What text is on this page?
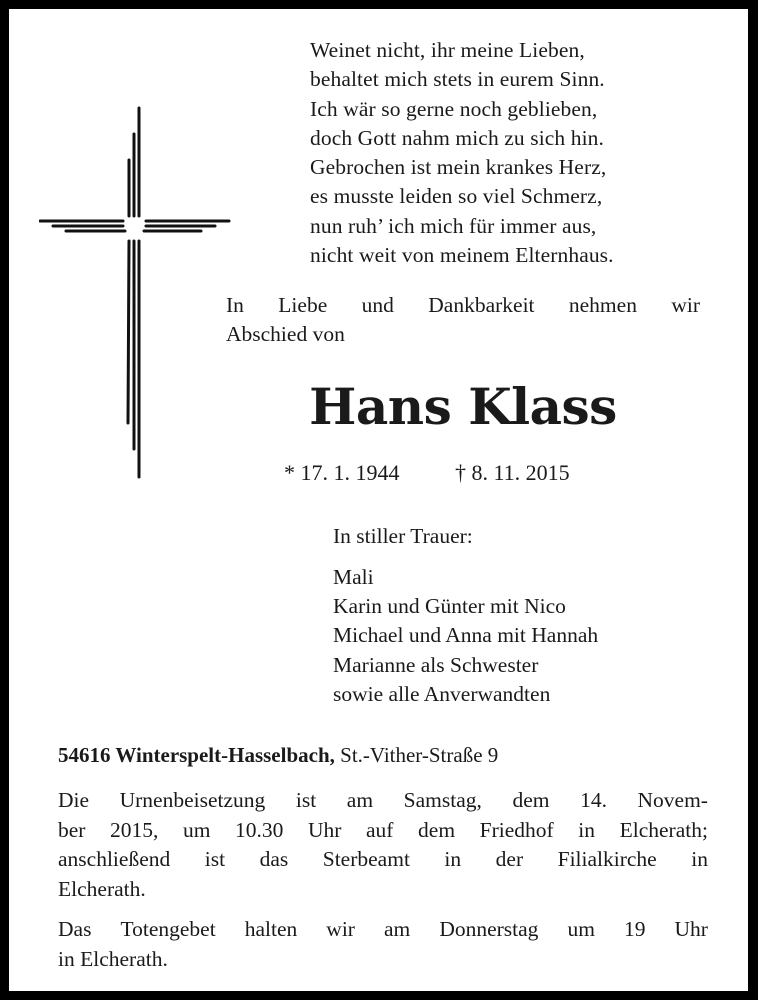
Weinet nicht, ihr meine Lieben,
behaltet mich stets in eurem Sinn.
Ich wär so gerne noch geblieben,
doch Gott nahm mich zu sich hin.
Gebrochen ist mein krankes Herz,
es musste leiden so viel Schmerz,
nun ruh’ ich mich für immer aus,
nicht weit von meinem Elternhaus.
In Liebe und Dankbarkeit nehmen wir
Abschied von
Hans Klass
* 17. 1. 1944	† 8. 11. 2015
In stiller Trauer:
Mali
Karin und Günter mit Nico
Michael und Anna mit Hannah
Marianne als Schwester
sowie alle Anverwandten
54616 Winterspelt-Hasselbach, St.-Vither-Straße 9
Die Urnenbeisetzung ist am Samstag, dem 14. Novem-
ber 2015, um 10.30 Uhr auf dem Friedhof in Elcherath;
anschließend ist das Sterbeamt in der Filialkirche in
Elcherath.
Das Totengebet halten wir am Donnerstag um 19 Uhr
in Elcherath.
